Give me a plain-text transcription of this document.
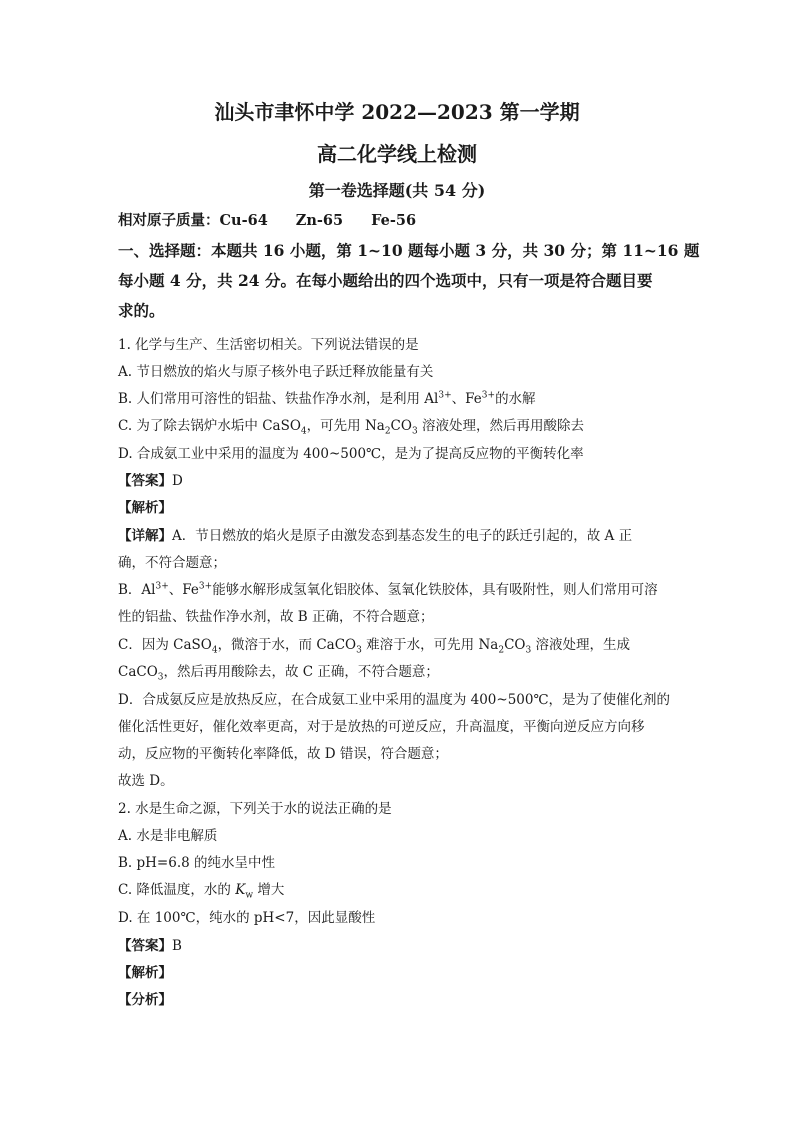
汕头市聿怀中学 2022—2023 第一学期
高二化学线上检测
第一卷选择题(共 54 分)
相对原子质量：Cu-64 Zn-65 Fe-56
一、选择题：本题共 16 小题，第 1~10 题每小题 3 分，共 30 分；第 11~16 题
每小题 4 分，共 24 分。在每小题给出的四个选项中，只有一项是符合题目要
求的。
1. 化学与生产、生活密切相关。下列说法错误的是
A. 节日燃放的焰火与原子核外电子跃迁释放能量有关
B. 人们常用可溶性的铝盐、铁盐作净水剂，是利用 $Al^{3+}$、$Fe^{3+}$的水解
C. 为了除去锅炉水垢中 CaSO$_4$，可先用 $Na_2CO_3$ 溶液处理，然后再用酸除去
D. 合成氨工业中采用的温度为 400~500℃，是为了提高反应物的平衡转化率
【答案】D
【解析】
【详解】A．节日燃放的焰火是原子由激发态到基态发生的电子的跃迁引起的，故 A 正
确，不符合题意；
B．$Al^{3+}$、$Fe^{3+}$能够水解形成氢氧化铝胶体、氢氧化铁胶体，具有吸附性，则人们常用可溶
性的铝盐、铁盐作净水剂，故 B 正确，不符合题意；
C．因为 CaSO$_4$，微溶于水，而 CaCO$_3$ 难溶于水，可先用 $Na_2CO_3$ 溶液处理，生成
CaCO$_3$，然后再用酸除去，故 C 正确，不符合题意；
D．合成氨反应是放热反应，在合成氨工业中采用的温度为 400~500℃，是为了使催化剂的
催化活性更好，催化效率更高，对于是放热的可逆反应，升高温度，平衡向逆反应方向移
动，反应物的平衡转化率降低，故 D 错误，符合题意；
故选 D。
2. 水是生命之源，下列关于水的说法正确的是
A. 水是非电解质
B. pH=6.8 的纯水呈中性
C. 降低温度，水的 $K_w$ 增大
D. 在 100℃，纯水的 pH<7，因此显酸性
【答案】B
【解析】
【分析】
